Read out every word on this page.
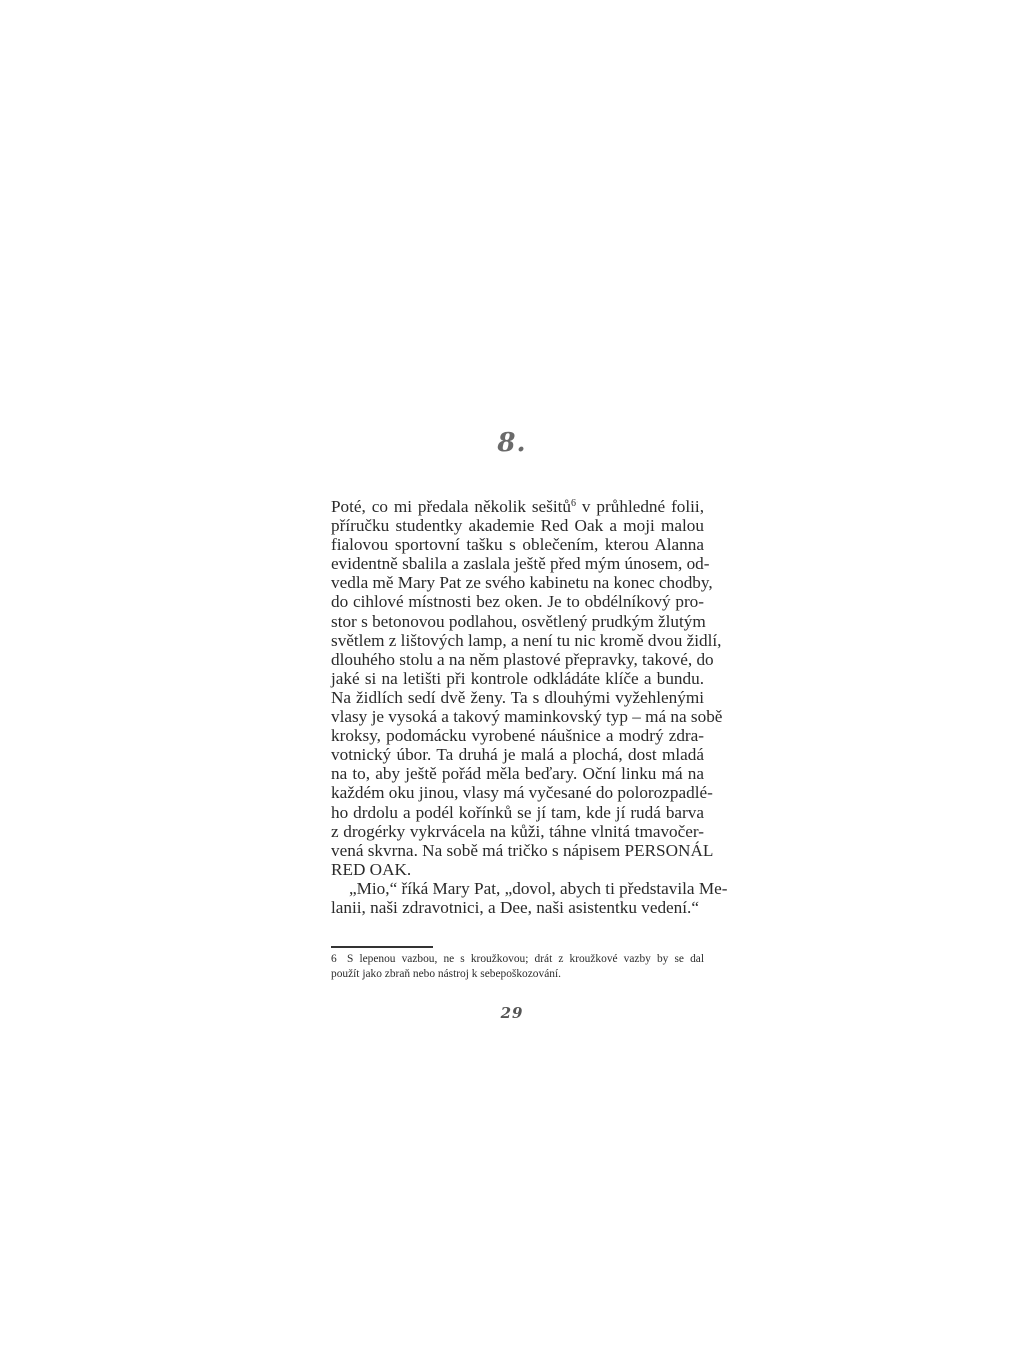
8.
Poté, co mi předala několik sešitů$^6$ v průhledné folii,
příručku studentky akademie Red Oak a moji malou
fialovou sportovní tašku s oblečením, kterou Alanna
evidentně sbalila a zaslala ještě před mým únosem, od-
vedla mě Mary Pat ze svého kabinetu na konec chodby,
do cihlové místnosti bez oken. Je to obdélníkový pro-
stor s betonovou podlahou, osvětlený prudkým žlutým
světlem z lištových lamp, a není tu nic kromě dvou židlí,
dlouhého stolu a na něm plastové přepravky, takové, do
jaké si na letišti při kontrole odkládáte klíče a bundu.
Na židlích sedí dvě ženy. Ta s dlouhými vyžehlenými
vlasy je vysoká a takový maminkovský typ – má na sobě
kroksy, podomácku vyrobené náušnice a modrý zdra-
votnický úbor. Ta druhá je malá a plochá, dost mladá
na to, aby ještě pořád měla beďary. Oční linku má na
každém oku jinou, vlasy má vyčesané do polorozpadlé-
ho drdolu a podél kořínků se jí tam, kde jí rudá barva
z drogérky vykrvácela na kůži, táhne vlnitá tmavočer-
vená skvrna. Na sobě má tričko s nápisem PERSONÁL
RED OAK.
„Mio,“ říká Mary Pat, „dovol, abych ti představila Me-
lanii, naši zdravotnici, a Dee, naši asistentku vedení.“
6 S lepenou vazbou, ne s kroužkovou; drát z kroužkové vazby by se dal
použít jako zbraň nebo nástroj k sebepoškozování.
29
